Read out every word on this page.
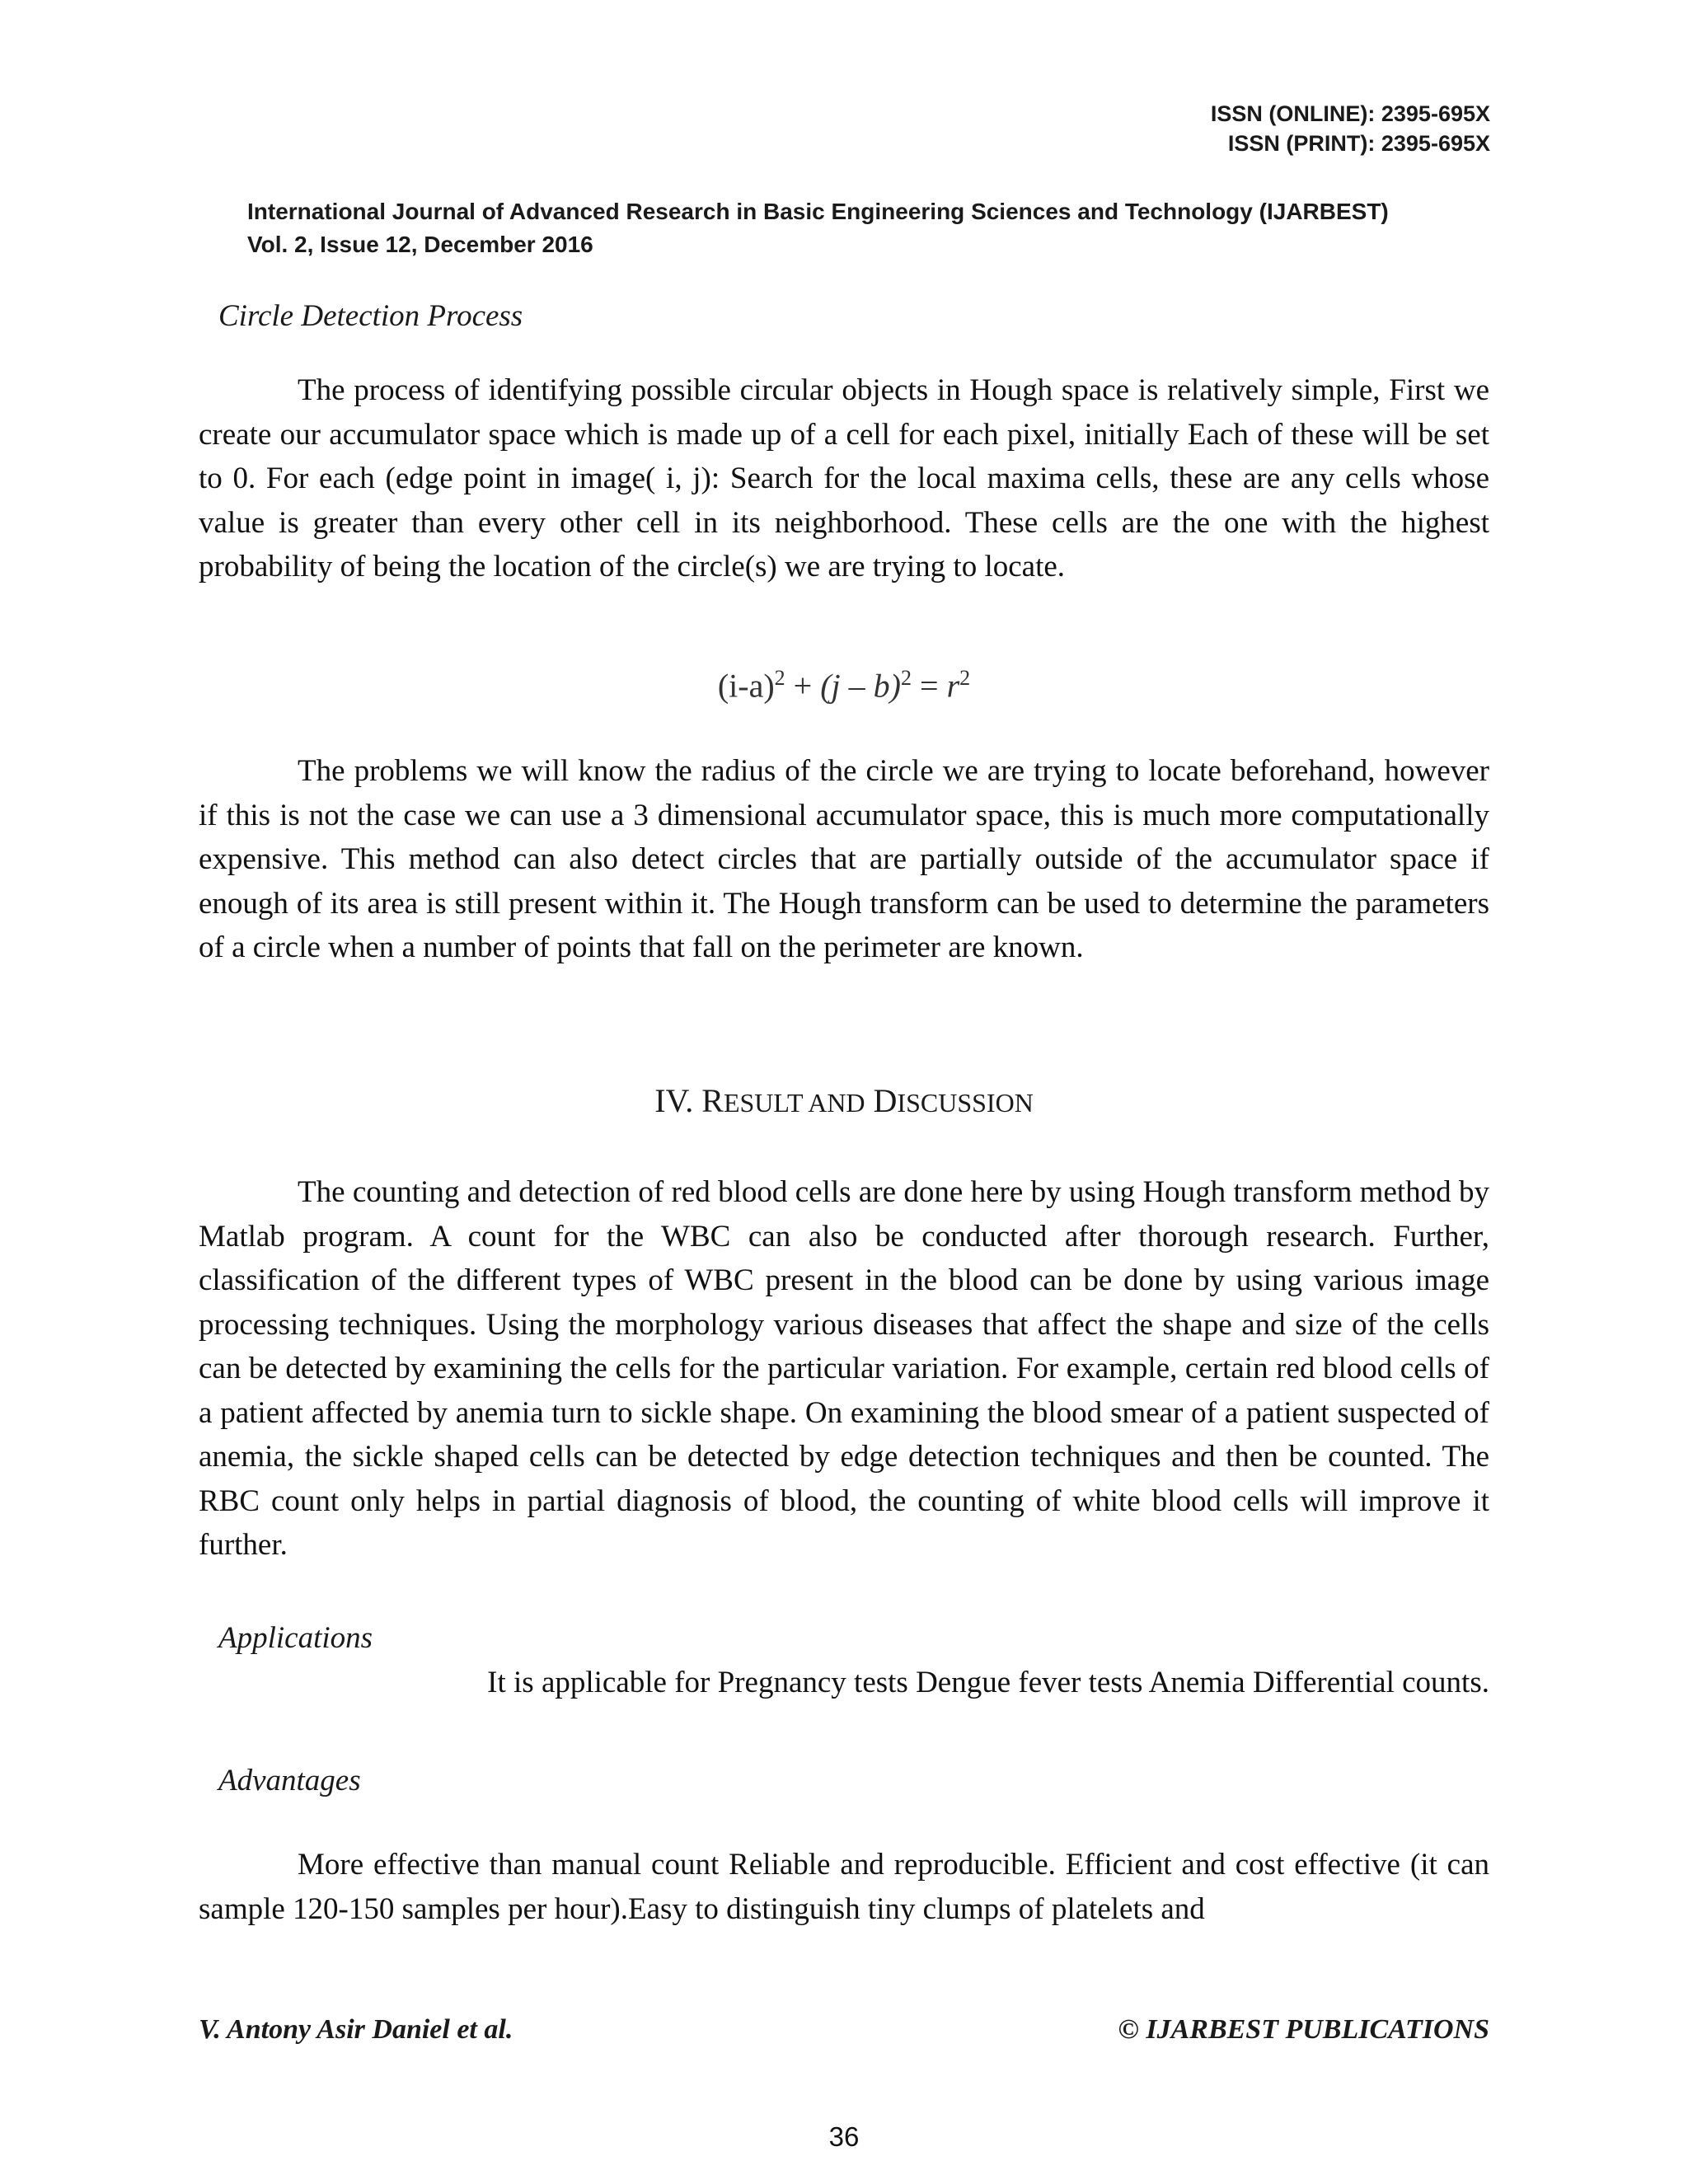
ISSN (ONLINE): 2395-695X
ISSN (PRINT): 2395-695X
International Journal of Advanced Research in Basic Engineering Sciences and Technology (IJARBEST)
Vol. 2, Issue 12, December 2016
Circle Detection Process
The process of identifying possible circular objects in Hough space is relatively simple, First we create our accumulator space which is made up of a cell for each pixel, initially Each of these will be set to 0. For each (edge point in image( i, j): Search for the local maxima cells, these are any cells whose value is greater than every other cell in its neighborhood. These cells are the one with the highest probability of being the location of the circle(s) we are trying to locate.
$(i-a)^2 + (j - b)^2 = r^2$
The problems we will know the radius of the circle we are trying to locate beforehand, however if this is not the case we can use a 3 dimensional accumulator space, this is much more computationally expensive. This method can also detect circles that are partially outside of the accumulator space if enough of its area is still present within it. The Hough transform can be used to determine the parameters of a circle when a number of points that fall on the perimeter are known.
IV. RESULT AND DISCUSSION
The counting and detection of red blood cells are done here by using Hough transform method by Matlab program. A count for the WBC can also be conducted after thorough research. Further, classification of the different types of WBC present in the blood can be done by using various image processing techniques. Using the morphology various diseases that affect the shape and size of the cells can be detected by examining the cells for the particular variation. For example, certain red blood cells of a patient affected by anemia turn to sickle shape. On examining the blood smear of a patient suspected of anemia, the sickle shaped cells can be detected by edge detection techniques and then be counted. The RBC count only helps in partial diagnosis of blood, the counting of white blood cells will improve it further.
Applications
It is applicable for Pregnancy tests Dengue fever tests Anemia Differential counts.
Advantages
More effective than manual count Reliable and reproducible. Efficient and cost effective (it can sample 120-150 samples per hour).Easy to distinguish tiny clumps of platelets and
V. Antony Asir Daniel et al.	© IJARBEST PUBLICATIONS
36
